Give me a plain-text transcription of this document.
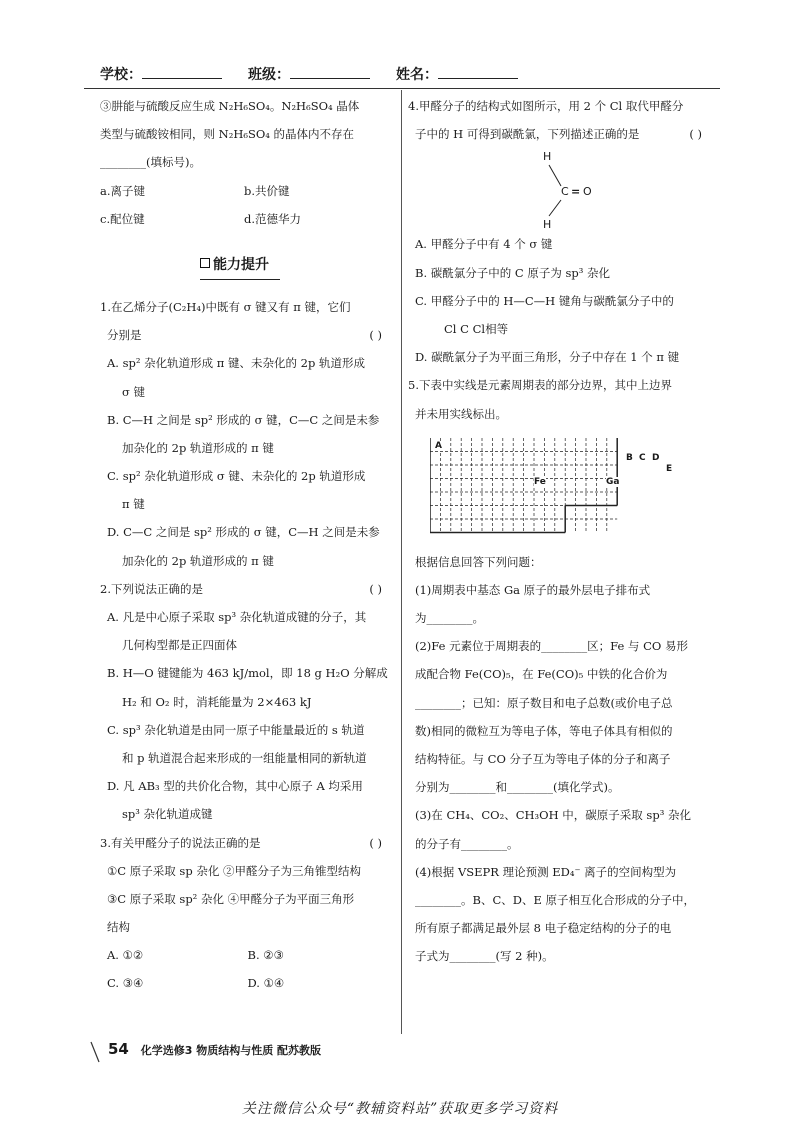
学校：	班级：	姓名：
③肼能与硫酸反应生成 N₂H₆SO₄。N₂H₆SO₄ 晶体
类型与硫酸铵相同，则 N₂H₆SO₄ 的晶体内不存在
________(填标号)。
a.离子键	b.共价键
c.配位键	d.范德华力
能力提升
1.在乙烯分子(C₂H₄)中既有 σ 键又有 π 键，它们
分别是	( )
A. sp² 杂化轨道形成 π 键、未杂化的 2p 轨道形成
σ 键
B. C—H 之间是 sp² 形成的 σ 键，C—C 之间是未参
加杂化的 2p 轨道形成的 π 键
C. sp² 杂化轨道形成 σ 键、未杂化的 2p 轨道形成
π 键
D. C—C 之间是 sp² 形成的 σ 键，C—H 之间是未参
加杂化的 2p 轨道形成的 π 键
2.下列说法正确的是	( )
A. 凡是中心原子采取 sp³ 杂化轨道成键的分子，其
几何构型都是正四面体
B. H—O 键键能为 463 kJ/mol，即 18 g H₂O 分解成
H₂ 和 O₂ 时，消耗能量为 2×463 kJ
C. sp³ 杂化轨道是由同一原子中能量最近的 s 轨道
和 p 轨道混合起来形成的一组能量相同的新轨道
D. 凡 AB₃ 型的共价化合物，其中心原子 A 均采用
sp³ 杂化轨道成键
3.有关甲醛分子的说法正确的是	( )
①C 原子采取 sp 杂化 ②甲醛分子为三角锥型结构
③C 原子采取 sp² 杂化 ④甲醛分子为平面三角形
结构
A. ①②	B. ②③
C. ③④	D. ①④
4.甲醛分子的结构式如图所示，用 2 个 Cl 取代甲醛分
子中的 H 可得到碳酰氯，下列描述正确的是	( )
H
C = O
H
A. 甲醛分子中有 4 个 σ 键
B. 碳酰氯分子中的 C 原子为 sp³ 杂化
C. 甲醛分子中的 H—C—H 键角与碳酰氯分子中的
Cl C Cl相等
D. 碳酰氯分子为平面三角形，分子中存在 1 个 π 键
5.下表中实线是元素周期表的部分边界，其中上边界
并未用实线标出。
A
B C D
E
Fe	Ga
根据信息回答下列问题：
(1)周期表中基态 Ga 原子的最外层电子排布式
为________。
(2)Fe 元素位于周期表的________区；Fe 与 CO 易形
成配合物 Fe(CO)₅，在 Fe(CO)₅ 中铁的化合价为
________；已知：原子数目和电子总数(或价电子总
数)相同的微粒互为等电子体，等电子体具有相似的
结构特征。与 CO 分子互为等电子体的分子和离子
分别为________和________(填化学式)。
(3)在 CH₄、CO₂、CH₃OH 中，碳原子采取 sp³ 杂化
的分子有________。
(4)根据 VSEPR 理论预测 ED₄⁻ 离子的空间构型为
________。B、C、D、E 原子相互化合形成的分子中，
所有原子都满足最外层 8 电子稳定结构的分子的电
子式为________(写 2 种)。
54 化学选修3 物质结构与性质 配苏教版
关注微信公众号“教辅资料站”获取更多学习资料
